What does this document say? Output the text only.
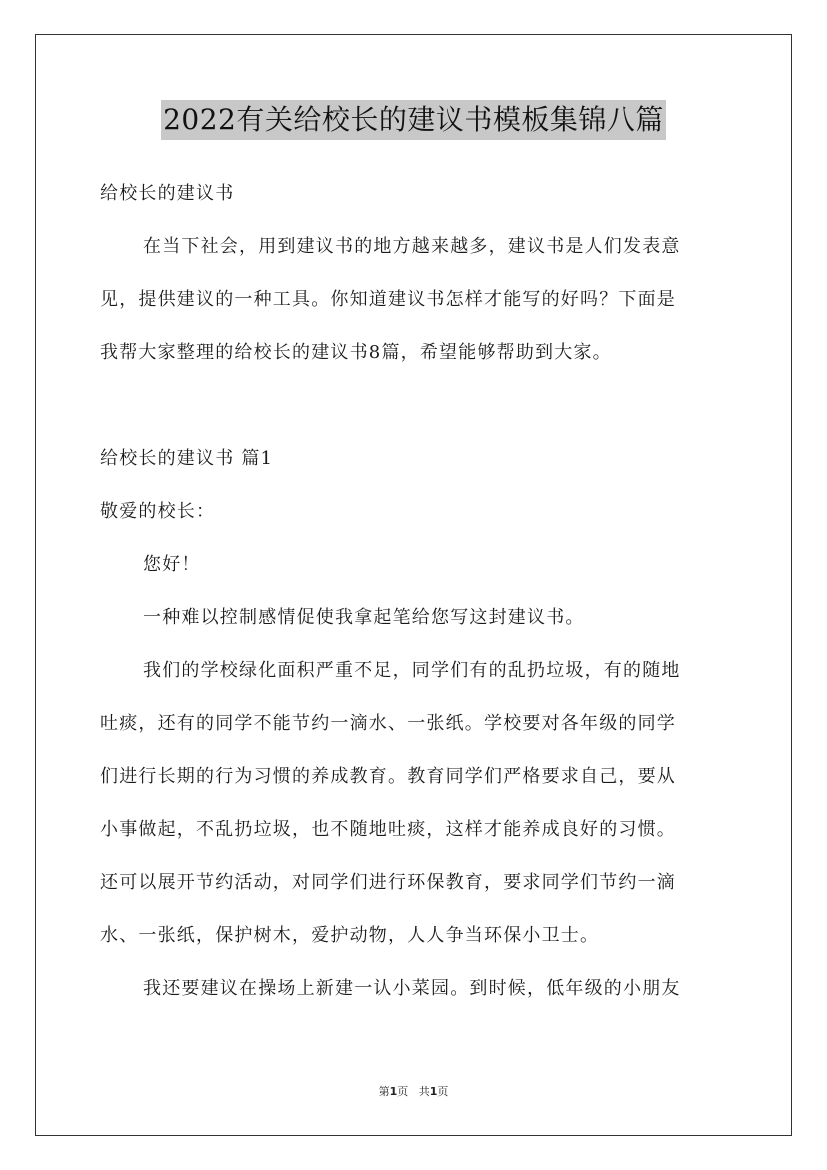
2022有关给校长的建议书模板集锦八篇
给校长的建议书
在当下社会，用到建议书的地方越来越多，建议书是人们发表意
见，提供建议的一种工具。你知道建议书怎样才能写的好吗？下面是
我帮大家整理的给校长的建议书8篇，希望能够帮助到大家。
给校长的建议书 篇1
敬爱的校长：
您好！
一种难以控制感情促使我拿起笔给您写这封建议书。
我们的学校绿化面积严重不足，同学们有的乱扔垃圾，有的随地
吐痰，还有的同学不能节约一滴水、一张纸。学校要对各年级的同学
们进行长期的行为习惯的养成教育。教育同学们严格要求自己，要从
小事做起，不乱扔垃圾，也不随地吐痰，这样才能养成良好的习惯。
还可以展开节约活动，对同学们进行环保教育，要求同学们节约一滴
水、一张纸，保护树木，爱护动物，人人争当环保小卫士。
我还要建议在操场上新建一认小菜园。到时候，低年级的小朋友
第1页 共1页
